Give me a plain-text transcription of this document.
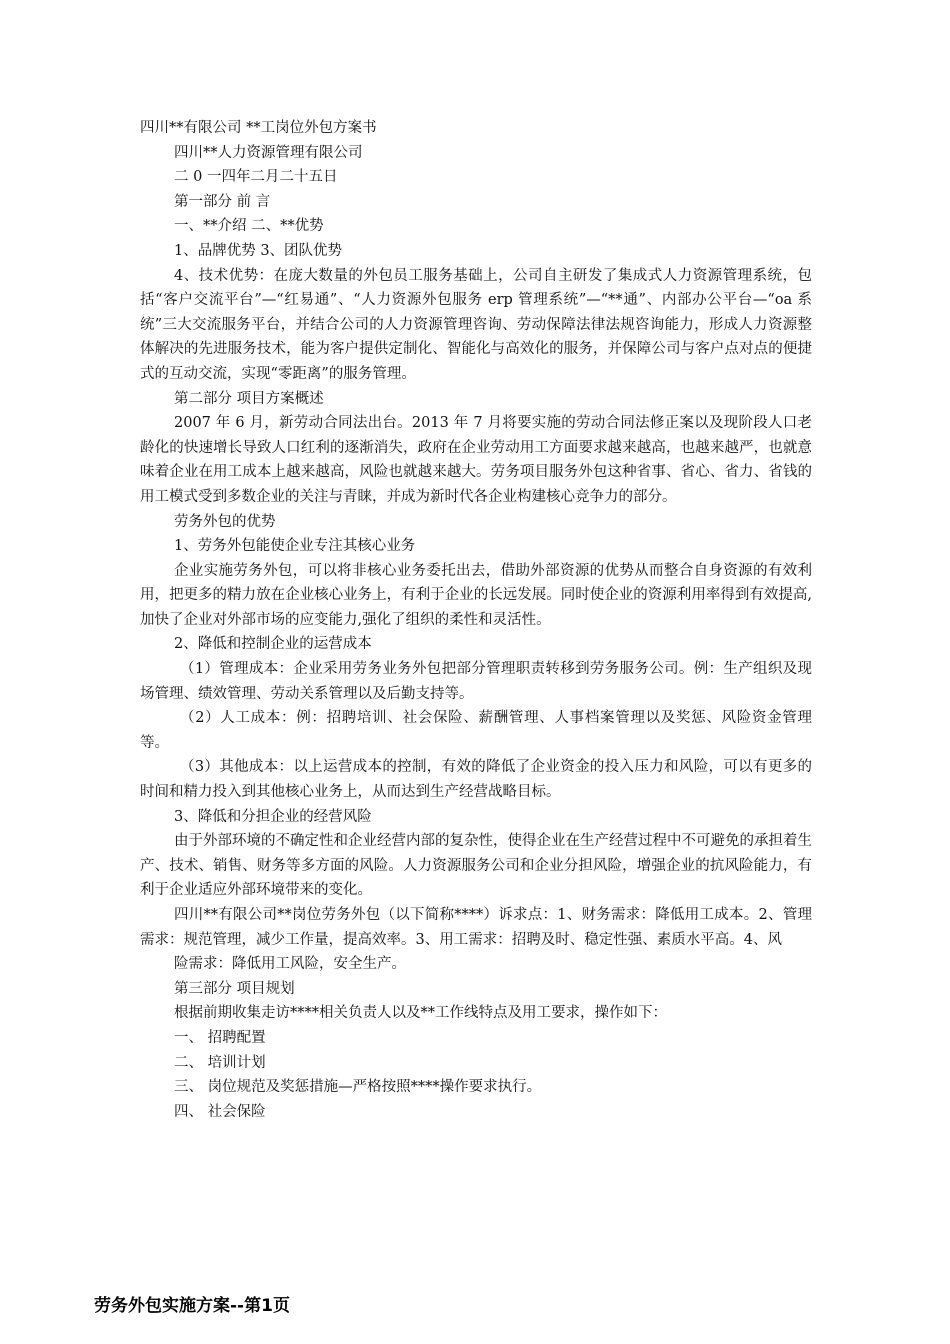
四川**有限公司 **工岗位外包方案书

四川**人力资源管理有限公司

二 0 一四年二月二十五日

第一部分 前 言

一、**介绍 二、**优势

1、品牌优势 3、团队优势

4、技术优势：在庞大数量的外包员工服务基础上，公司自主研发了集成式人力资源管理系统，包括“客户交流平台”—“红易通”、“人力资源外包服务 erp 管理系统”—“**通”、内部办公平台—“oa 系统”三大交流服务平台，并结合公司的人力资源管理咨询、劳动保障法律法规咨询能力，形成人力资源整体解决的先进服务技术，能为客户提供定制化、智能化与高效化的服务，并保障公司与客户点对点的便捷式的互动交流，实现“零距离”的服务管理。

第二部分 项目方案概述

2007 年 6 月，新劳动合同法出台。2013 年 7 月将要实施的劳动合同法修正案以及现阶段人口老龄化的快速增长导致人口红利的逐渐消失，政府在企业劳动用工方面要求越来越高，也越来越严，也就意味着企业在用工成本上越来越高，风险也就越来越大。劳务项目服务外包这种省事、省心、省力、省钱的用工模式受到多数企业的关注与青睐，并成为新时代各企业构建核心竞争力的部分。

劳务外包的优势

1、劳务外包能使企业专注其核心业务

企业实施劳务外包，可以将非核心业务委托出去，借助外部资源的优势从而整合自身资源的有效利用，把更多的精力放在企业核心业务上，有利于企业的长远发展。同时使企业的资源利用率得到有效提高,加快了企业对外部市场的应变能力,强化了组织的柔性和灵活性。

2、降低和控制企业的运营成本

（1）管理成本：企业采用劳务业务外包把部分管理职责转移到劳务服务公司。例：生产组织及现场管理、绩效管理、劳动关系管理以及后勤支持等。

（2）人工成本：例：招聘培训、社会保险、薪酬管理、人事档案管理以及奖惩、风险资金管理等。

（3）其他成本：以上运营成本的控制，有效的降低了企业资金的投入压力和风险，可以有更多的时间和精力投入到其他核心业务上，从而达到生产经营战略目标。

3、降低和分担企业的经营风险

由于外部环境的不确定性和企业经营内部的复杂性，使得企业在生产经营过程中不可避免的承担着生产、技术、销售、财务等多方面的风险。人力资源服务公司和企业分担风险，增强企业的抗风险能力，有利于企业适应外部环境带来的变化。

四川**有限公司**岗位劳务外包（以下简称****）诉求点：1、财务需求：降低用工成本。2、管理需求：规范管理，减少工作量，提高效率。3、用工需求：招聘及时、稳定性强、素质水平高。4、风

险需求：降低用工风险，安全生产。

第三部分 项目规划

根据前期收集走访****相关负责人以及**工作线特点及用工要求，操作如下：

一、 招聘配置

二、 培训计划

三、 岗位规范及奖惩措施—严格按照****操作要求执行。

四、 社会保险

劳务外包实施方案--第1页
